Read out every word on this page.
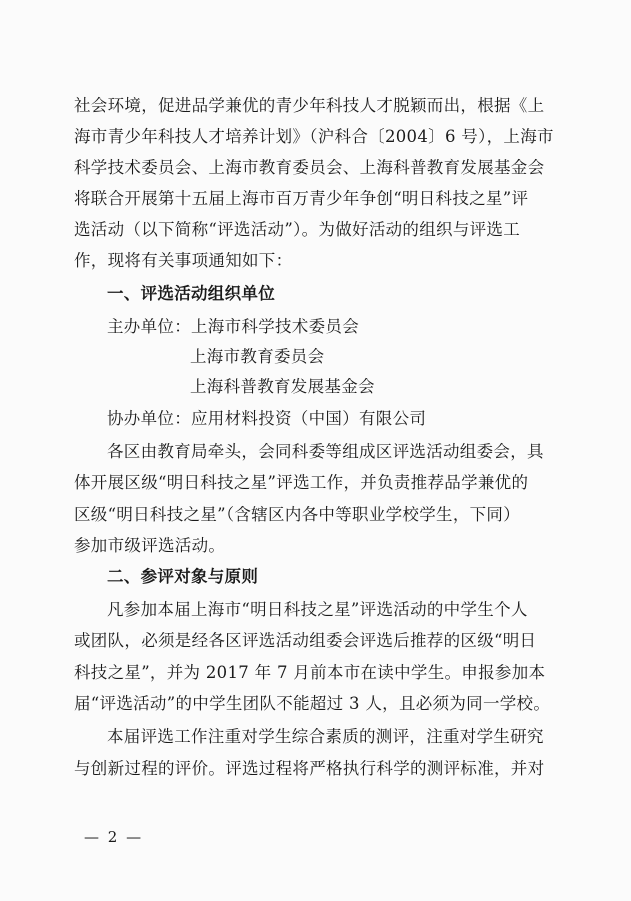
社会环境，促进品学兼优的青少年科技人才脱颖而出，根据《上
海市青少年科技人才培养计划》（沪科合〔2004〕6 号），上海市
科学技术委员会、上海市教育委员会、上海科普教育发展基金会
将联合开展第十五届上海市百万青少年争创“明日科技之星”评
选活动（以下简称“评选活动”）。为做好活动的组织与评选工
作，现将有关事项通知如下：
一、评选活动组织单位
主办单位：上海市科学技术委员会
上海市教育委员会
上海科普教育发展基金会
协办单位：应用材料投资（中国）有限公司
各区由教育局牵头，会同科委等组成区评选活动组委会，具
体开展区级“明日科技之星”评选工作，并负责推荐品学兼优的
区级“明日科技之星”（含辖区内各中等职业学校学生，下同）
参加市级评选活动。
二、参评对象与原则
凡参加本届上海市“明日科技之星”评选活动的中学生个人
或团队，必须是经各区评选活动组委会评选后推荐的区级“明日
科技之星”，并为 2017 年 7 月前本市在读中学生。申报参加本
届“评选活动”的中学生团队不能超过 3 人，且必须为同一学校。
本届评选工作注重对学生综合素质的测评，注重对学生研究
与创新过程的评价。评选过程将严格执行科学的测评标准，并对
— 2 —
